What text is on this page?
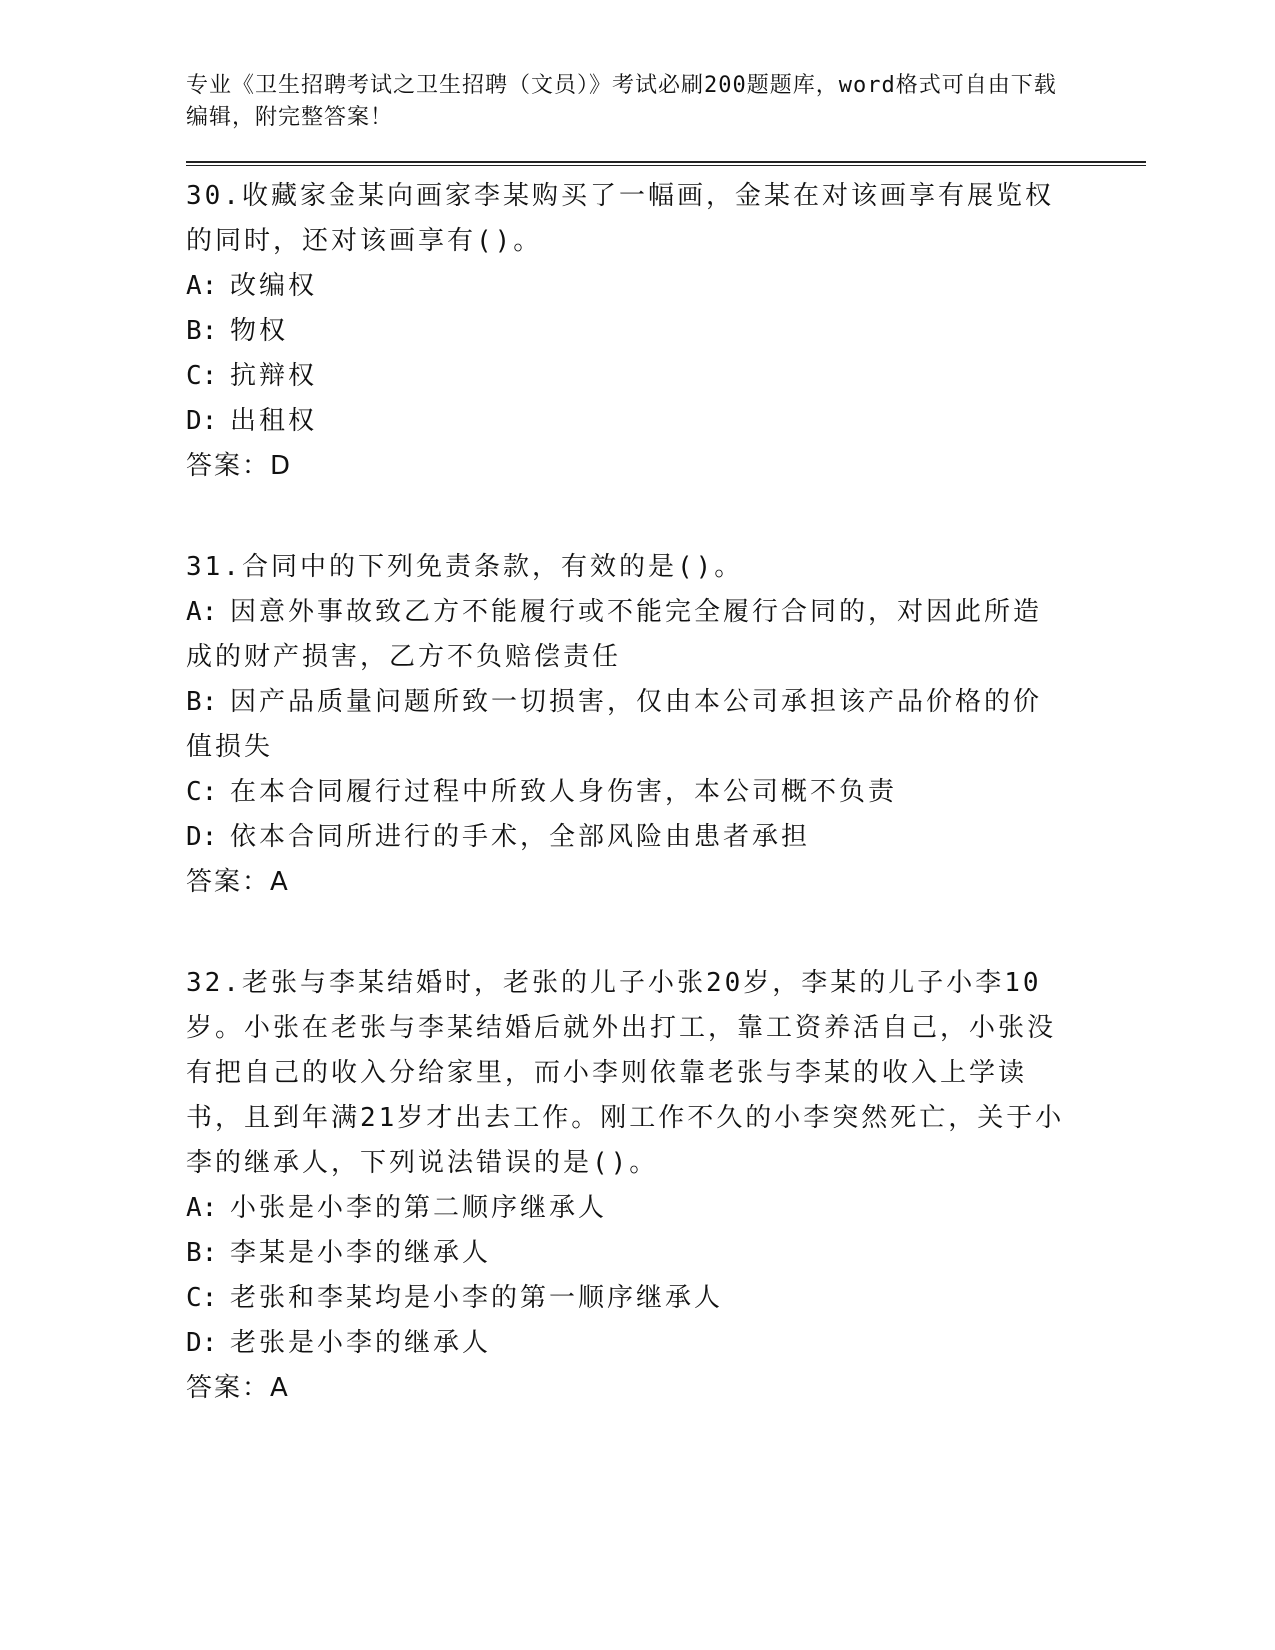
专业《卫生招聘考试之卫生招聘（文员）》考试必刷200题题库，word格式可自由下载编辑，附完整答案！
30.收藏家金某向画家李某购买了一幅画，金某在对该画享有展览权的同时，还对该画享有()。
A: 改编权
B: 物权
C: 抗辩权
D: 出租权
答案：D
31.合同中的下列免责条款，有效的是()。
A: 因意外事故致乙方不能履行或不能完全履行合同的，对因此所造成的财产损害，乙方不负赔偿责任
B: 因产品质量问题所致一切损害，仅由本公司承担该产品价格的价值损失
C: 在本合同履行过程中所致人身伤害，本公司概不负责
D: 依本合同所进行的手术，全部风险由患者承担
答案：A
32.老张与李某结婚时，老张的儿子小张20岁，李某的儿子小李10岁。小张在老张与李某结婚后就外出打工，靠工资养活自己，小张没有把自己的收入分给家里，而小李则依靠老张与李某的收入上学读书，且到年满21岁才出去工作。刚工作不久的小李突然死亡，关于小李的继承人，下列说法错误的是()。
A: 小张是小李的第二顺序继承人
B: 李某是小李的继承人
C: 老张和李某均是小李的第一顺序继承人
D: 老张是小李的继承人
答案：A
